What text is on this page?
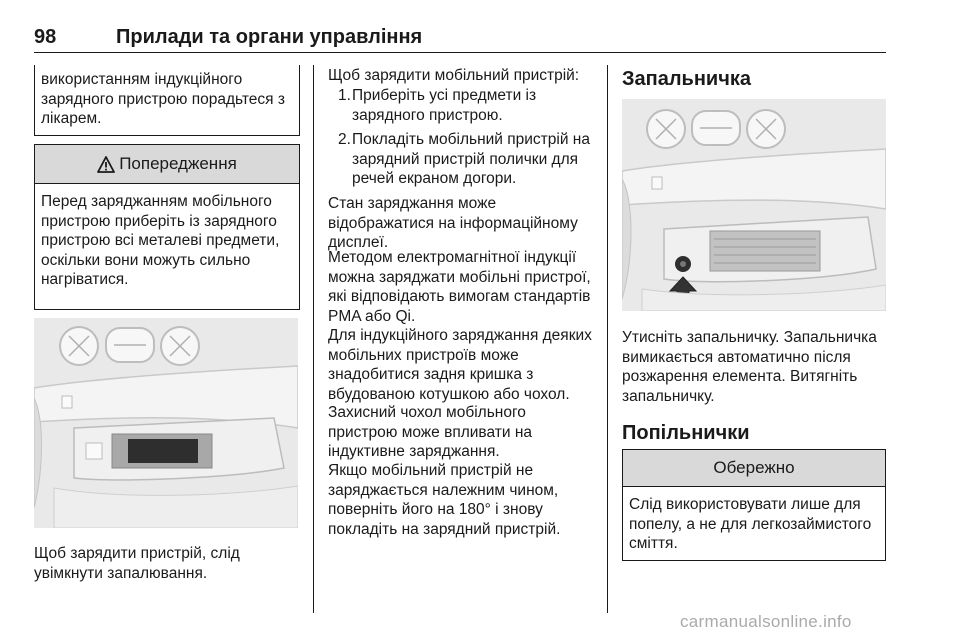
98	Прилади та органи управління

використанням індукційного зарядного пристрою порадьтеся з лікарем.

Попередження

Перед заряджанням мобільного пристрою приберіть із зарядного пристрою всі металеві предмети, оскільки вони можуть сильно нагріватися.

Щоб зарядити пристрій, слід увімкнути запалювання.

Щоб зарядити мобільний пристрій:

1. Приберіть усі предмети із зарядного пристрою.
2. Покладіть мобільний пристрій на зарядний пристрій полички для речей екраном догори.

Стан заряджання може відображатися на інформаційному дисплеї.

Методом електромагнітної індукції можна заряджати мобільні пристрої, які відповідають вимогам стандартів PMA або Qi.

Для індукційного заряджання деяких мобільних пристроїв може знадобитися задня кришка з вбудованою котушкою або чохол.

Захисний чохол мобільного пристрою може впливати на індуктивне заряджання.

Якщо мобільний пристрій не заряджається належним чином, поверніть його на 180° і знову покладіть на зарядний пристрій.

Запальничка

Утисніть запальничку. Запальничка вимикається автоматично після розжарення елемента. Витягніть запальничку.

Попільнички
Обережно

Слід використовувати лише для попелу, а не для легкозаймистого сміття.

carmanualsonline.info
